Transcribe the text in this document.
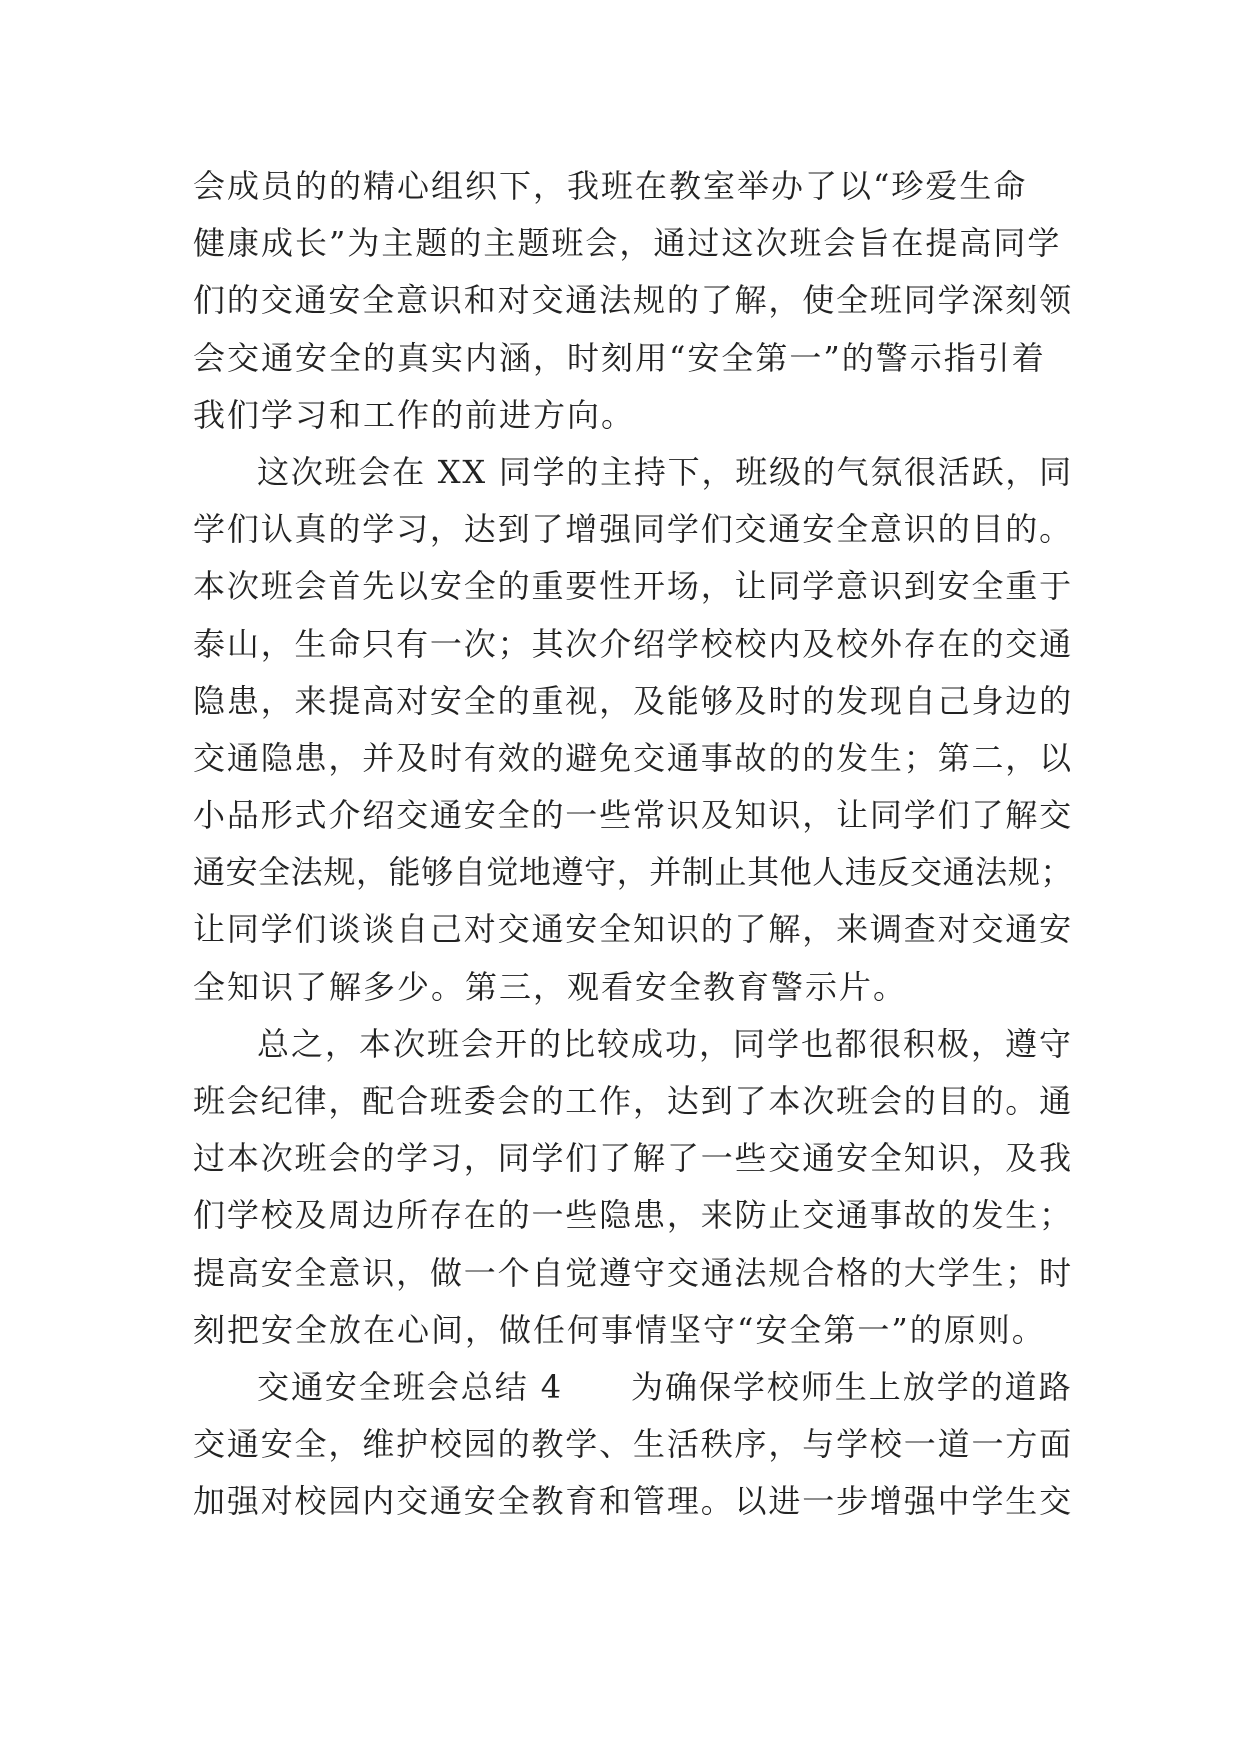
会成员的的精心组织下，我班在教室举办了以“珍爱生命
健康成长”为主题的主题班会，通过这次班会旨在提高同学
们的交通安全意识和对交通法规的了解，使全班同学深刻领
会交通安全的真实内涵，时刻用“安全第一”的警示指引着
我们学习和工作的前进方向。
这次班会在 XX 同学的主持下，班级的气氛很活跃，同
学们认真的学习，达到了增强同学们交通安全意识的目的。
本次班会首先以安全的重要性开场，让同学意识到安全重于
泰山，生命只有一次；其次介绍学校校内及校外存在的交通
隐患，来提高对安全的重视，及能够及时的发现自己身边的
交通隐患，并及时有效的避免交通事故的的发生；第二，以
小品形式介绍交通安全的一些常识及知识，让同学们了解交
通安全法规，能够自觉地遵守，并制止其他人违反交通法规；
让同学们谈谈自己对交通安全知识的了解，来调查对交通安
全知识了解多少。第三，观看安全教育警示片。
总之，本次班会开的比较成功，同学也都很积极，遵守
班会纪律，配合班委会的工作，达到了本次班会的目的。通
过本次班会的学习，同学们了解了一些交通安全知识，及我
们学校及周边所存在的一些隐患，来防止交通事故的发生；
提高安全意识，做一个自觉遵守交通法规合格的大学生；时
刻把安全放在心间，做任何事情坚守“安全第一”的原则。
交通安全班会总结 4　　为确保学校师生上放学的道路
交通安全，维护校园的教学、生活秩序，与学校一道一方面
加强对校园内交通安全教育和管理。以进一步增强中学生交
